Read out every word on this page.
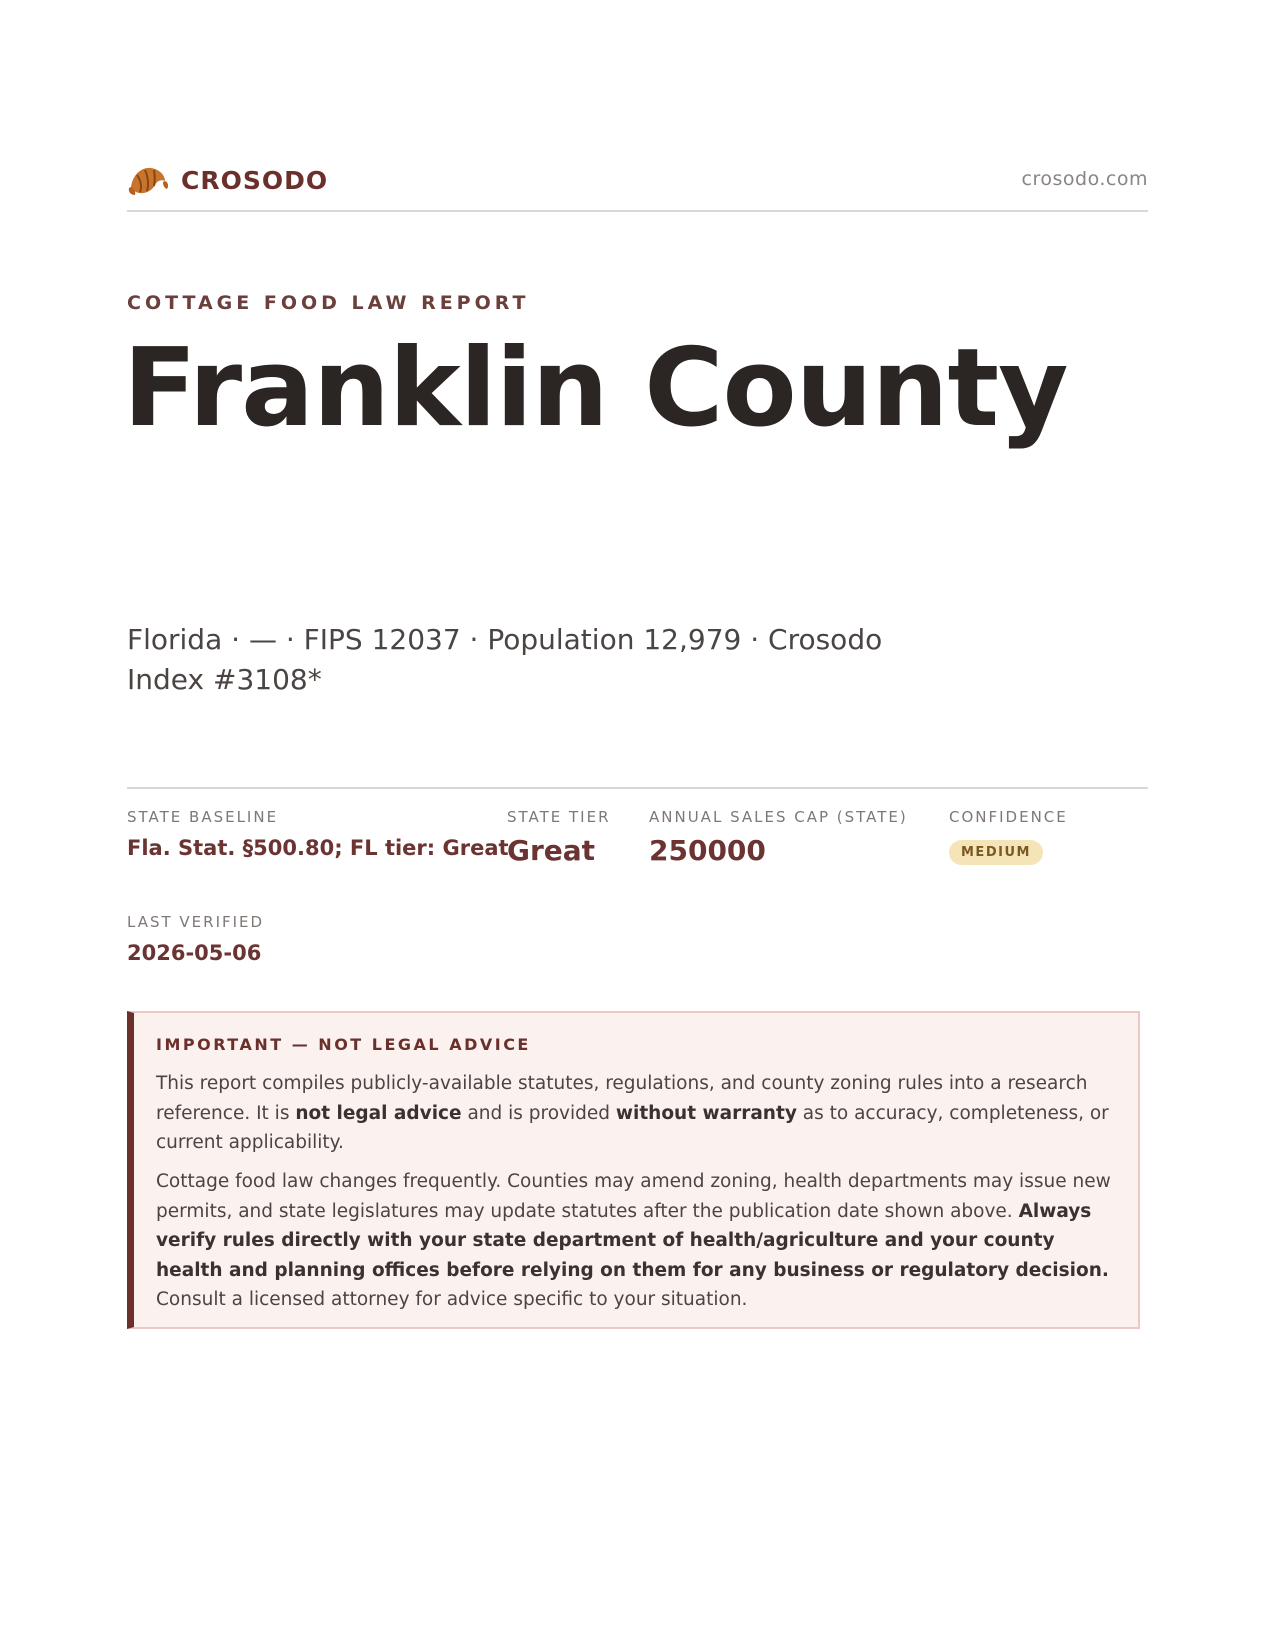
CROSODO	crosodo.com
COTTAGE FOOD LAW REPORT
Franklin County
Florida · — · FIPS 12037 · Population 12,979 · Crosodo Index #3108*
STATE BASELINE
Fla. Stat. §500.80; FL tier: Great
STATE TIER
Great
ANNUAL SALES CAP (STATE)
250000
CONFIDENCE
MEDIUM
LAST VERIFIED
2026-05-06
IMPORTANT — NOT LEGAL ADVICE
This report compiles publicly-available statutes, regulations, and county zoning rules into a research reference. It is not legal advice and is provided without warranty as to accuracy, completeness, or current applicability.
Cottage food law changes frequently. Counties may amend zoning, health departments may issue new permits, and state legislatures may update statutes after the publication date shown above. Always verify rules directly with your state department of health/agriculture and your county health and planning offices before relying on them for any business or regulatory decision. Consult a licensed attorney for advice specific to your situation.
